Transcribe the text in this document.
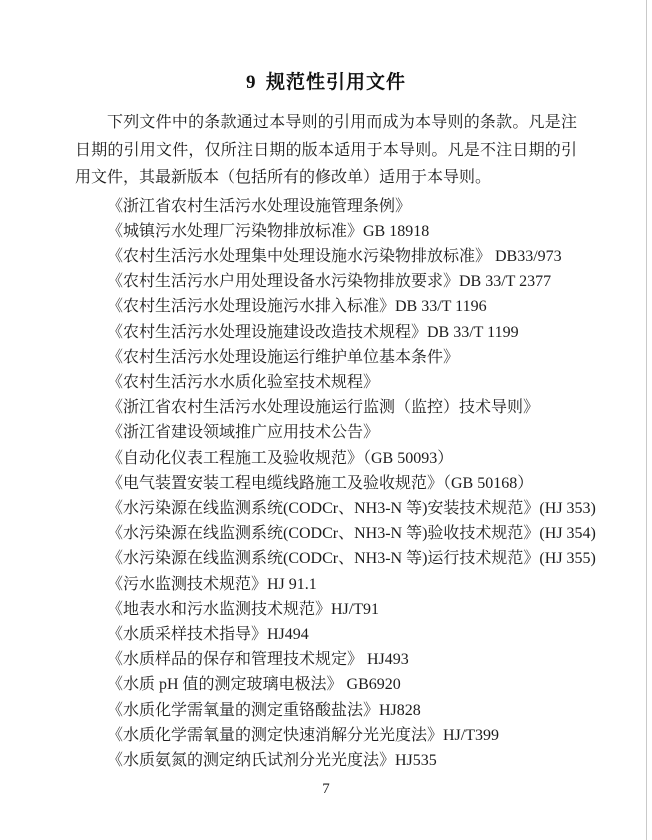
9 规范性引用文件

下列文件中的条款通过本导则的引用而成为本导则的条款。凡是注日期的引用文件，仅所注日期的版本适用于本导则。凡是不注日期的引用文件，其最新版本（包括所有的修改单）适用于本导则。

《浙江省农村生活污水处理设施管理条例》
《城镇污水处理厂污染物排放标准》GB 18918
《农村生活污水处理集中处理设施水污染物排放标准》 DB33/973
《农村生活污水户用处理设备水污染物排放要求》DB 33/T 2377
《农村生活污水处理设施污水排入标准》DB 33/T 1196
《农村生活污水处理设施建设改造技术规程》DB 33/T 1199
《农村生活污水处理设施运行维护单位基本条件》
《农村生活污水水质化验室技术规程》
《浙江省农村生活污水处理设施运行监测（监控）技术导则》
《浙江省建设领域推广应用技术公告》
《自动化仪表工程施工及验收规范》（GB 50093）
《电气装置安装工程电缆线路施工及验收规范》（GB 50168）
《水污染源在线监测系统(CODCr、NH3-N 等)安装技术规范》(HJ 353)
《水污染源在线监测系统(CODCr、NH3-N 等)验收技术规范》(HJ 354)
《水污染源在线监测系统(CODCr、NH3-N 等)运行技术规范》(HJ 355)
《污水监测技术规范》HJ 91.1
《地表水和污水监测技术规范》HJ/T91
《水质采样技术指导》HJ494
《水质样品的保存和管理技术规定》 HJ493
《水质 pH 值的测定玻璃电极法》 GB6920
《水质化学需氧量的测定重铬酸盐法》HJ828
《水质化学需氧量的测定快速消解分光光度法》HJ/T399
《水质氨氮的测定纳氏试剂分光光度法》HJ535
7
